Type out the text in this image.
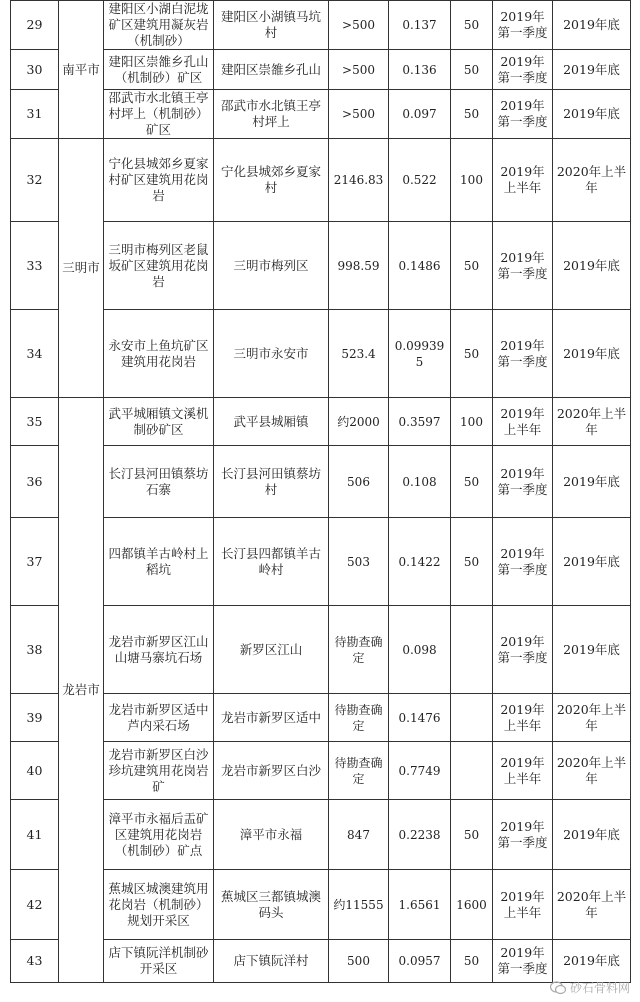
29	南平市	建阳区小湖白泥垅矿区建筑用凝灰岩（机制砂）	建阳区小湖镇马坑村	>500	0.137	50	2019年第一季度	2019年底
30		建阳区崇雒乡孔山（机制砂）矿区	建阳区崇雒乡孔山	>500	0.136	50	2019年第一季度	2019年底
31		邵武市水北镇王亭村坪上（机制砂）矿区	邵武市水北镇王亭村坪上	>500	0.097	50	2019年第一季度	2019年底
32	三明市	宁化县城郊乡夏家村矿区建筑用花岗岩	宁化县城郊乡夏家村	2146.83	0.522	100	2019年上半年	2020年上半年
33		三明市梅列区老鼠坂矿区建筑用花岗岩	三明市梅列区	998.59	0.1486	50	2019年第一季度	2019年底
34		永安市上鱼坑矿区建筑用花岗岩	三明市永安市	523.4	0.099395	50	2019年第一季度	2019年底
35	龙岩市	武平城厢镇文溪机制砂矿区	武平县城厢镇	约2000	0.3597	100	2019年上半年	2020年上半年
36		长汀县河田镇蔡坊石寨	长汀县河田镇蔡坊村	506	0.108	50	2019年第一季度	2019年底
37		四都镇羊古岭村上稻坑	长汀县四都镇羊古岭村	503	0.1422	50	2019年第一季度	2019年底
38		龙岩市新罗区江山山塘马寨坑石场	新罗区江山	待勘查确定	0.098		2019年第一季度	2019年底
39		龙岩市新罗区适中芦内采石场	龙岩市新罗区适中	待勘查确定	0.1476		2019年上半年	2020年上半年
40		龙岩市新罗区白沙珍坑建筑用花岗岩矿	龙岩市新罗区白沙	待勘查确定	0.7749		2019年上半年	2020年上半年
41		漳平市永福后盂矿区建筑用花岗岩（机制砂）矿点	漳平市永福	847	0.2238	50	2019年第一季度	2019年底
42		蕉城区城澳建筑用花岗岩（机制砂）规划开采区	蕉城区三都镇城澳码头	约11555	1.6561	1600	2019年上半年	2020年上半年
43		店下镇阮洋机制砂开采区	店下镇阮洋村	500	0.0957	50	2019年第一季度	2019年底
砂石骨料网
